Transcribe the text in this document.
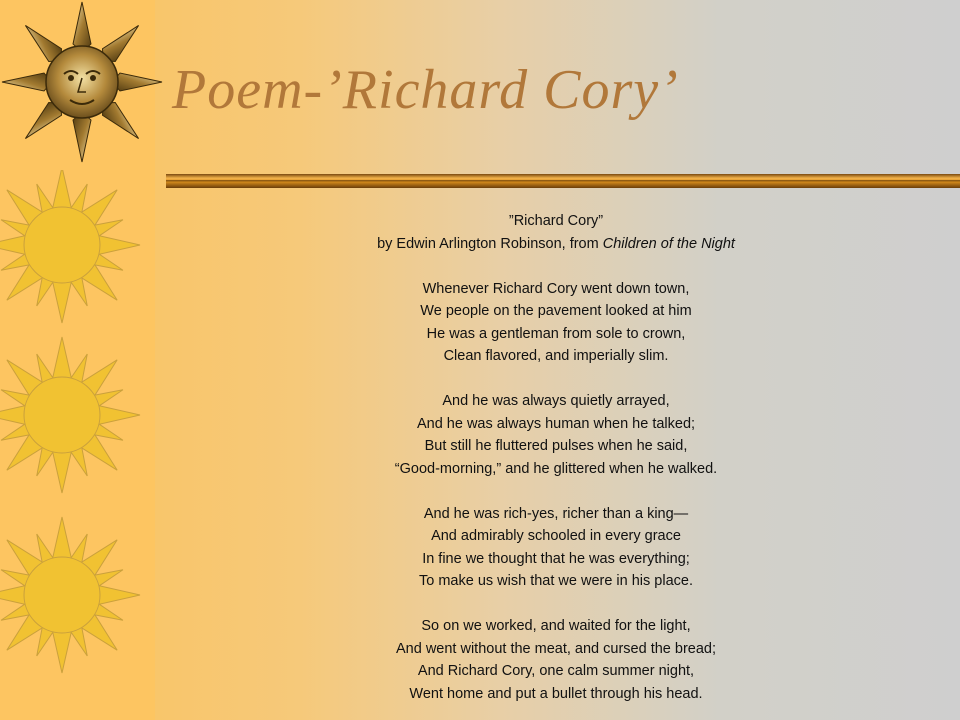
Poem-’Richard Cory’
”Richard Cory”
by Edwin Arlington Robinson, from Children of the Night
Whenever Richard Cory went down town,
We people on the pavement looked at him
He was a gentleman from sole to crown,
Clean flavored, and imperially slim.
And he was always quietly arrayed,
And he was always human when he talked;
But still he fluttered pulses when he said,
“Good-morning,” and he glittered when he walked.
And he was rich-yes, richer than a king—
And admirably schooled in every grace
In fine we thought that he was everything;
To make us wish that we were in his place.
So on we worked, and waited for the light,
And went without the meat, and cursed the bread;
And Richard Cory, one calm summer night,
Went home and put a bullet through his head.
